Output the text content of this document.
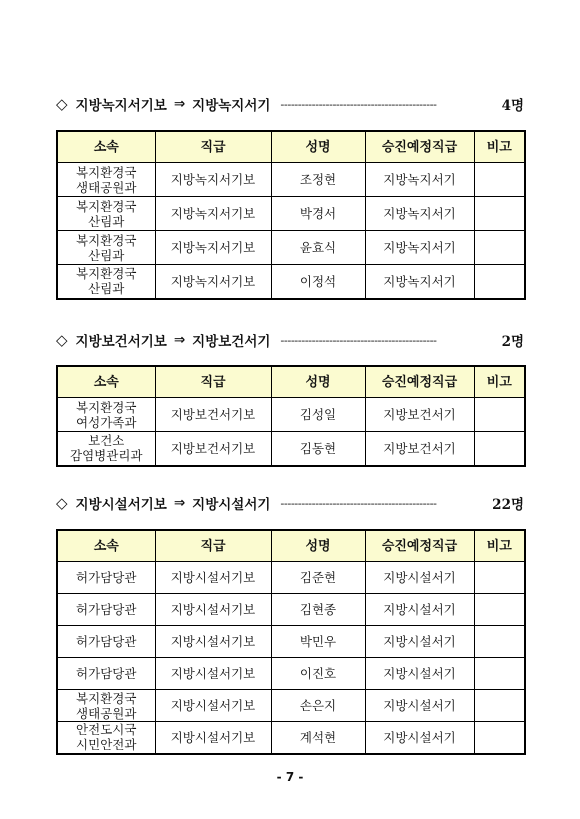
◇ 지방녹지서기보 ⇒ 지방녹지서기 ---------------------------------------------	4명
소속	직급	성명	승진예정직급	비고

복지환경국
생태공원과	지방녹지서기보	조정현	지방녹지서기	

복지환경국
산림과	지방녹지서기보	박경서	지방녹지서기	

복지환경국
산림과	지방녹지서기보	윤효식	지방녹지서기	

복지환경국
산림과	지방녹지서기보	이정석	지방녹지서기	
◇ 지방보건서기보 ⇒ 지방보건서기 ---------------------------------------------	2명
소속	직급	성명	승진예정직급	비고

복지환경국
여성가족과	지방보건서기보	김성일	지방보건서기	

보건소
감염병관리과	지방보건서기보	김동현	지방보건서기	
◇ 지방시설서기보 ⇒ 지방시설서기 ---------------------------------------------	22명
소속	직급	성명	승진예정직급	비고

허가담당관	지방시설서기보	김준현	지방시설서기	

허가담당관	지방시설서기보	김현종	지방시설서기	

허가담당관	지방시설서기보	박민우	지방시설서기	

허가담당관	지방시설서기보	이진호	지방시설서기	

복지환경국
생태공원과	지방시설서기보	손은지	지방시설서기	

안전도시국
시민안전과	지방시설서기보	계석현	지방시설서기	
- 7 -
